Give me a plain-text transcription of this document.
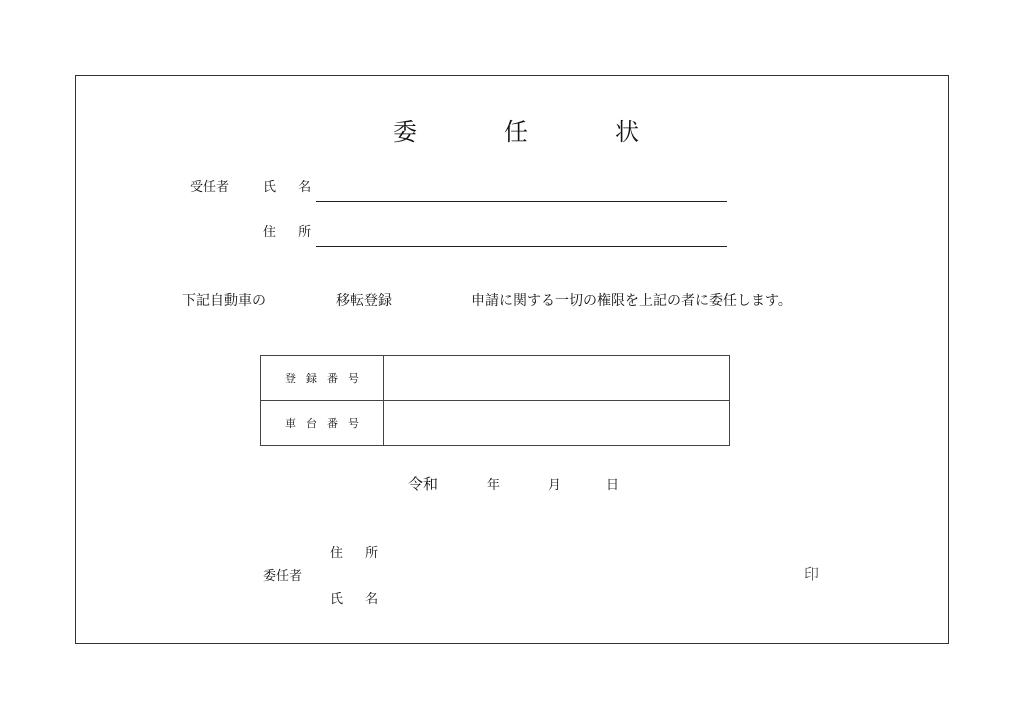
委	任	状
受任者	氏 名
住 所
下記自動車の	移転登録	申請に関する一切の権限を上記の者に委任します。
登録番号	
車台番号	
令和	年	月	日
住 所
委任者
氏 名
印
